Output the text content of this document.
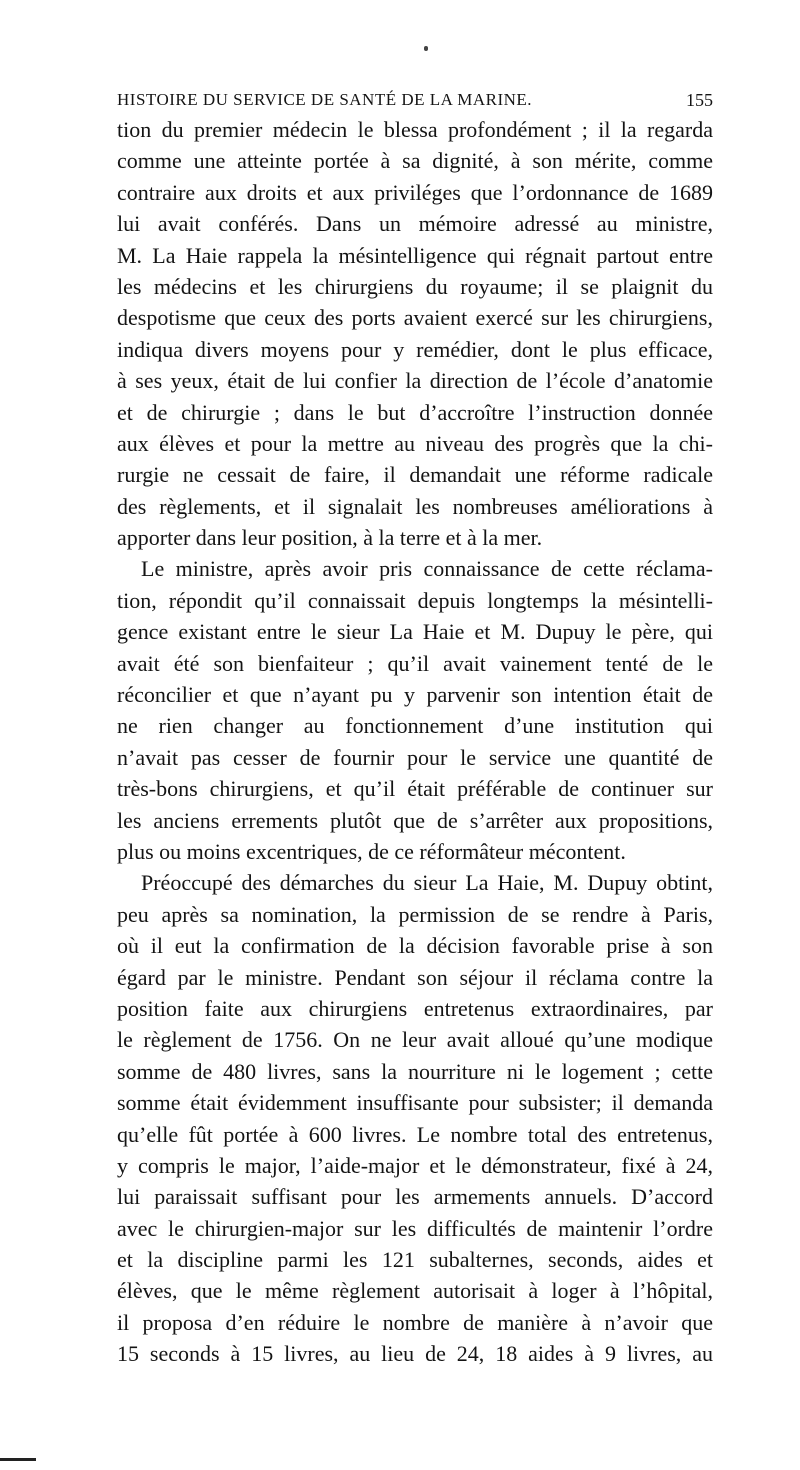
HISTOIRE DU SERVICE DE SANTÉ DE LA MARINE.	155
tion du premier médecin le blessa profondément ; il la regarda
comme une atteinte portée à sa dignité, à son mérite, comme
contraire aux droits et aux priviléges que l’ordonnance de 1689
lui avait conférés. Dans un mémoire adressé au ministre,
M. La Haie rappela la mésintelligence qui régnait partout entre
les médecins et les chirurgiens du royaume; il se plaignit du
despotisme que ceux des ports avaient exercé sur les chirurgiens,
indiqua divers moyens pour y remédier, dont le plus efficace,
à ses yeux, était de lui confier la direction de l’école d’anatomie
et de chirurgie ; dans le but d’accroître l’instruction donnée
aux élèves et pour la mettre au niveau des progrès que la chi-
rurgie ne cessait de faire, il demandait une réforme radicale
des règlements, et il signalait les nombreuses améliorations à
apporter dans leur position, à la terre et à la mer.
Le ministre, après avoir pris connaissance de cette réclama-
tion, répondit qu’il connaissait depuis longtemps la mésintelli-
gence existant entre le sieur La Haie et M. Dupuy le père, qui
avait été son bienfaiteur ; qu’il avait vainement tenté de le
réconcilier et que n’ayant pu y parvenir son intention était de
ne rien changer au fonctionnement d’une institution qui
n’avait pas cesser de fournir pour le service une quantité de
très-bons chirurgiens, et qu’il était préférable de continuer sur
les anciens errements plutôt que de s’arrêter aux propositions,
plus ou moins excentriques, de ce réformâteur mécontent.
Préoccupé des démarches du sieur La Haie, M. Dupuy obtint,
peu après sa nomination, la permission de se rendre à Paris,
où il eut la confirmation de la décision favorable prise à son
égard par le ministre. Pendant son séjour il réclama contre la
position faite aux chirurgiens entretenus extraordinaires, par
le règlement de 1756. On ne leur avait alloué qu’une modique
somme de 480 livres, sans la nourriture ni le logement ; cette
somme était évidemment insuffisante pour subsister; il demanda
qu’elle fût portée à 600 livres. Le nombre total des entretenus,
y compris le major, l’aide-major et le démonstrateur, fixé à 24,
lui paraissait suffisant pour les armements annuels. D’accord
avec le chirurgien-major sur les difficultés de maintenir l’ordre
et la discipline parmi les 121 subalternes, seconds, aides et
élèves, que le même règlement autorisait à loger à l’hôpital,
il proposa d’en réduire le nombre de manière à n’avoir que
15 seconds à 15 livres, au lieu de 24, 18 aides à 9 livres, au
